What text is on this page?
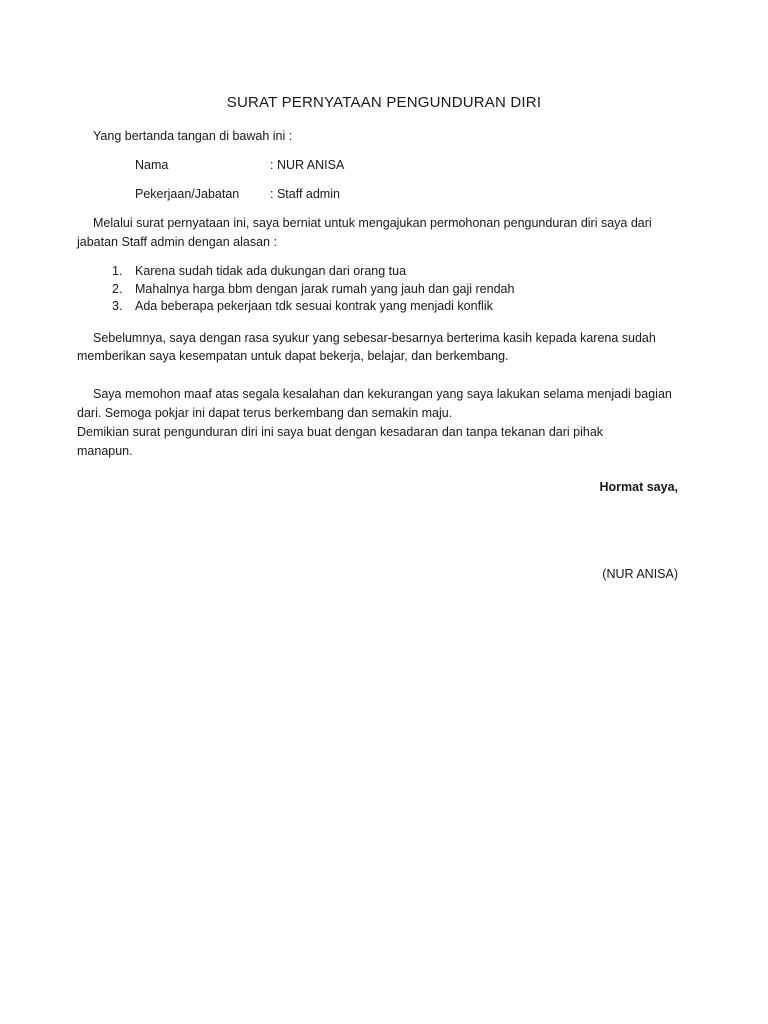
SURAT PERNYATAAN PENGUNDURAN DIRI
Yang bertanda tangan di bawah ini :
Nama	: NUR ANISA
Pekerjaan/Jabatan : Staff admin
Melalui surat pernyataan ini, saya berniat untuk mengajukan permohonan pengunduran diri saya dari
jabatan Staff admin dengan alasan :
1. Karena sudah tidak ada dukungan dari orang tua
2. Mahalnya harga bbm dengan jarak rumah yang jauh dan gaji rendah
3. Ada beberapa pekerjaan tdk sesuai kontrak yang menjadi konflik
Sebelumnya, saya dengan rasa syukur yang sebesar-besarnya berterima kasih kepada karena sudah
memberikan saya kesempatan untuk dapat bekerja, belajar, dan berkembang.
Saya memohon maaf atas segala kesalahan dan kekurangan yang saya lakukan selama menjadi bagian
dari. Semoga pokjar ini dapat terus berkembang dan semakin maju.
Demikian surat pengunduran diri ini saya buat dengan kesadaran dan tanpa tekanan dari pihak
manapun.
Hormat saya,
(NUR ANISA)
